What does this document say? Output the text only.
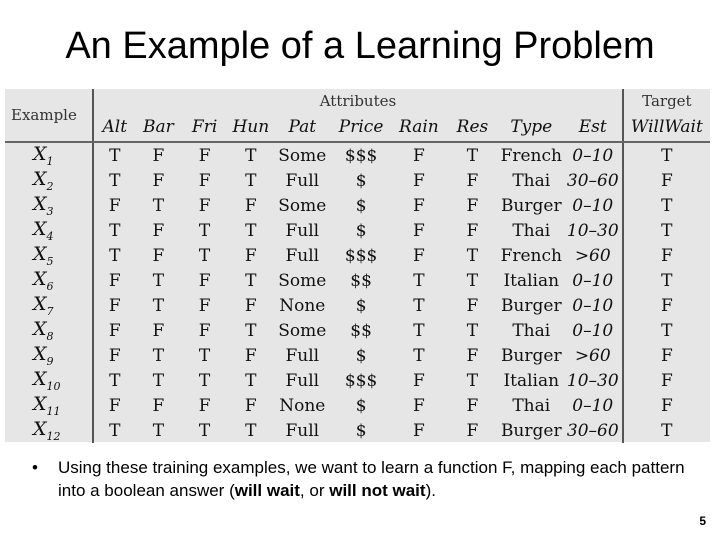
An Example of a Learning Problem
Example	Attributes										Target
	Alt	Bar	Fri	Hun	Pat	Price	Rain	Res	Type	Est	WillWait
$X_1$	T	F	F	T	Some	$$$	F	T	French	0–10	T
$X_2$	T	F	F	T	Full	$	F	F	Thai	30–60	F
$X_3$	F	T	F	F	Some	$	F	F	Burger	0–10	T
$X_4$	T	F	T	T	Full	$	F	F	Thai	10–30	T
$X_5$	T	F	T	F	Full	$$$	F	T	French	>60	F
$X_6$	F	T	F	T	Some	$$	T	T	Italian	0–10	T
$X_7$	F	T	F	F	None	$	T	F	Burger	0–10	F
$X_8$	F	F	F	T	Some	$$	T	T	Thai	0–10	T
$X_9$	F	T	T	F	Full	$	T	F	Burger	>60	F
$X_{10}$	T	T	T	T	Full	$$$	F	T	Italian	10–30	F
$X_{11}$	F	F	F	F	None	$	F	F	Thai	0–10	F
$X_{12}$	T	T	T	T	Full	$	F	F	Burger	30–60	T
•	Using these training examples, we want to learn a function F, mapping each pattern into a boolean answer (will wait, or will not wait).
5
